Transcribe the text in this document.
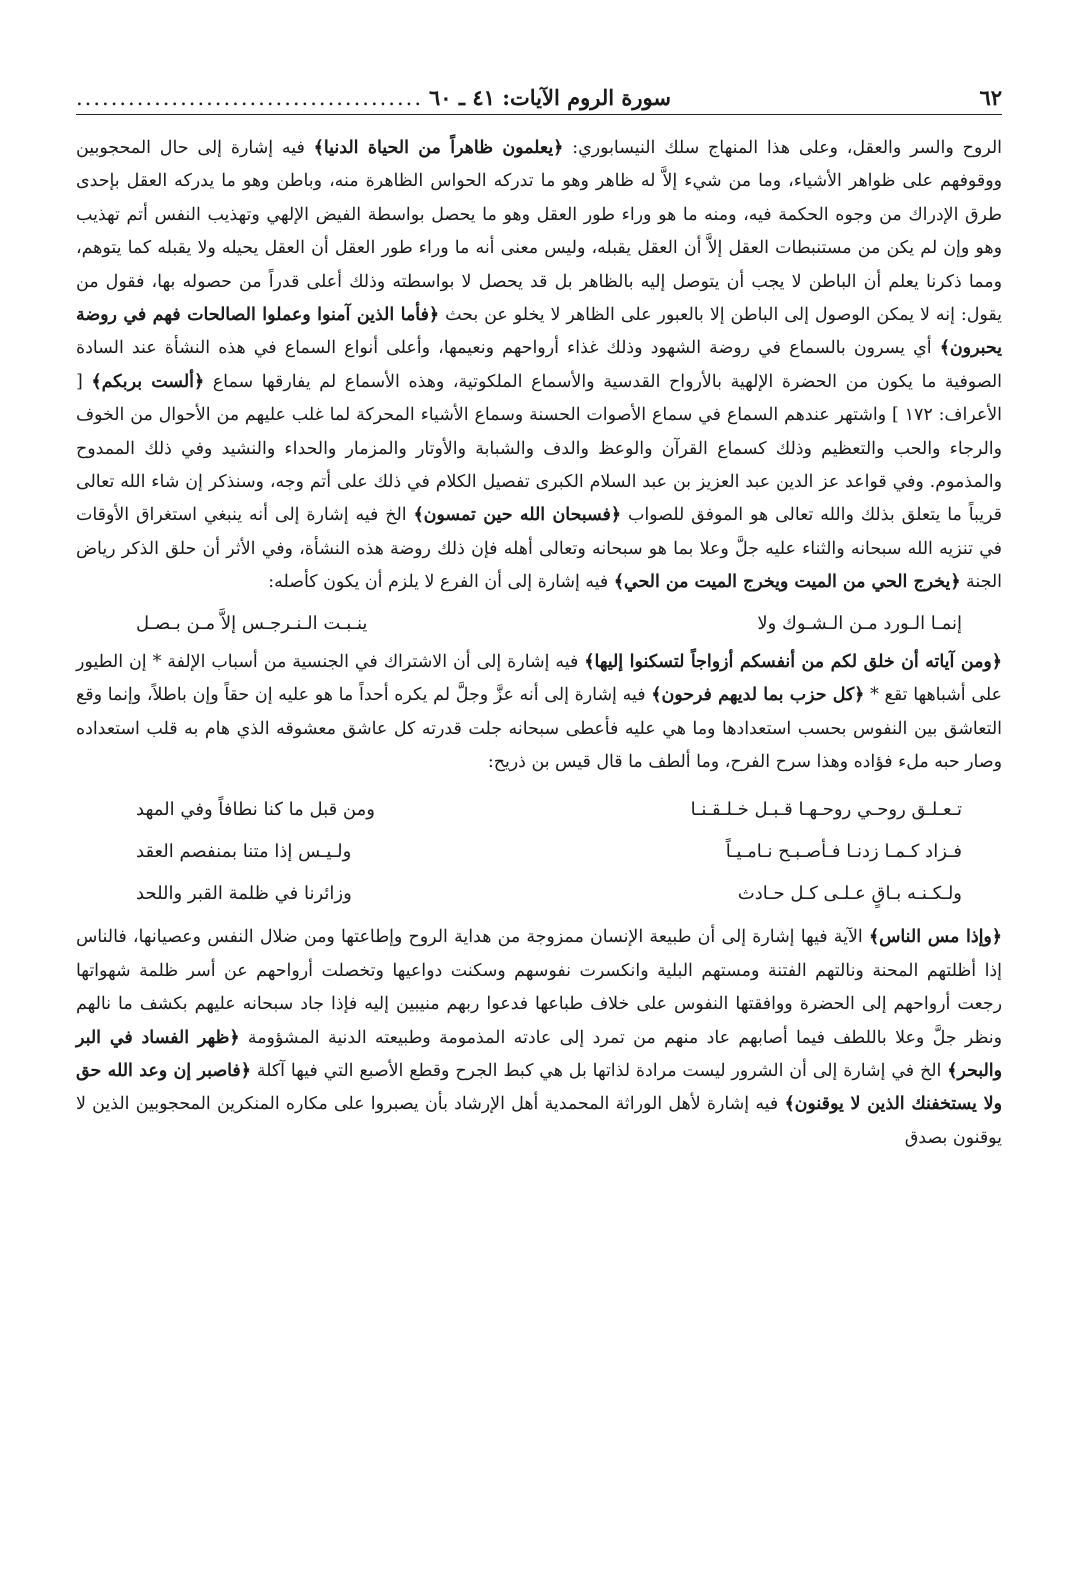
٦٢
سورة الروم الآيات: ٤١ ـ ٦٠
........................................

الروح والسر والعقل، وعلى هذا المنهاج سلك النيسابوري: ﴿يعلمون ظاهراً من الحياة الدنيا﴾ فيه إشارة إلى حال المحجوبين ووقوفهم على ظواهر الأشياء، وما من شيء إلاَّ له ظاهر وهو ما تدركه الحواس الظاهرة منه، وباطن وهو ما يدركه العقل بإحدى طرق الإدراك من وجوه الحكمة فيه، ومنه ما هو وراء طور العقل وهو ما يحصل بواسطة الفيض الإلهي وتهذيب النفس أتم تهذيب وهو وإن لم يكن من مستنبطات العقل إلاَّ أن العقل يقبله، وليس معنى أنه ما وراء طور العقل أن العقل يحيله ولا يقبله كما يتوهم، ومما ذكرنا يعلم أن الباطن لا يجب أن يتوصل إليه بالظاهر بل قد يحصل لا بواسطته وذلك أعلى قدراً من حصوله بها، فقول من يقول: إنه لا يمكن الوصول إلى الباطن إلا بالعبور على الظاهر لا يخلو عن بحث ﴿فأما الذين آمنوا وعملوا الصالحات فهم في روضة يحبرون﴾ أي يسرون بالسماع في روضة الشهود وذلك غذاء أرواحهم ونعيمها، وأعلى أنواع السماع في هذه النشأة عند السادة الصوفية ما يكون من الحضرة الإلهية بالأرواح القدسية والأسماع الملكوتية، وهذه الأسماع لم يفارقها سماع ﴿ألست بربكم﴾ [ الأعراف: ١٧٢ ] واشتهر عندهم السماع في سماع الأصوات الحسنة وسماع الأشياء المحركة لما غلب عليهم من الأحوال من الخوف والرجاء والحب والتعظيم وذلك كسماع القرآن والوعظ والدف والشبابة والأوتار والمزمار والحداء والنشيد وفي ذلك الممدوح والمذموم. وفي قواعد عز الدين عبد العزيز بن عبد السلام الكبرى تفصيل الكلام في ذلك على أتم وجه، وسنذكر إن شاء الله تعالى قريباً ما يتعلق بذلك والله تعالى هو الموفق للصواب ﴿فسبحان الله حين تمسون﴾ الخ فيه إشارة إلى أنه ينبغي استغراق الأوقات في تنزيه الله سبحانه والثناء عليه جلَّ وعلا بما هو سبحانه وتعالى أهله فإن ذلك روضة هذه النشأة، وفي الأثر أن حلق الذكر رياض الجنة ﴿يخرج الحي من الميت ويخرج الميت من الحي﴾ فيه إشارة إلى أن الفرع لا يلزم أن يكون كأصله:

إنمـا الـورد مـن الـشـوك ولا
ينـبـت الـنـرجـس إلاَّ مـن بـصـل

﴿ومن آياته أن خلق لكم من أنفسكم أزواجاً لتسكنوا إليها﴾ فيه إشارة إلى أن الاشتراك في الجنسية من أسباب الإلفة * إن الطيور على أشباهها تقع * ﴿كل حزب بما لديهم فرحون﴾ فيه إشارة إلى أنه عزَّ وجلَّ لم يكره أحداً ما هو عليه إن حقاً وإن باطلاً، وإنما وقع التعاشق بين النفوس بحسب استعدادها وما هي عليه فأعطى سبحانه جلت قدرته كل عاشق معشوقه الذي هام به قلب استعداده وصار حبه ملء فؤاده وهذا سرح الفرح، وما ألطف ما قال قيس بن ذريح:

تـعـلـق روحـي روحـهـا قـبـل خـلـقـنـا
ومن قبل ما كنا نطافاً وفي المهد
فـزاد كـمـا زدنـا فـأصـبـح نـامـيـاً
ولـيـس إذا متنا بمنفصم العقد
ولـكـنـه بـاقٍ عـلـى كـل حـادث
وزائرنا في ظلمة القبر واللحد

﴿وإذا مس الناس﴾ الآية فيها إشارة إلى أن طبيعة الإنسان ممزوجة من هداية الروح وإطاعتها ومن ضلال النفس وعصيانها، فالناس إذا أظلتهم المحنة ونالتهم الفتنة ومستهم البلية وانكسرت نفوسهم وسكنت دواعيها وتخصلت أرواحهم عن أسر ظلمة شهواتها رجعت أرواحهم إلى الحضرة ووافقتها النفوس على خلاف طباعها فدعوا ربهم منيبين إليه فإذا جاد سبحانه عليهم بكشف ما نالهم ونظر جلَّ وعلا باللطف فيما أصابهم عاد منهم من تمرد إلى عادته المذمومة وطبيعته الدنية المشؤومة ﴿ظهر الفساد في البر والبحر﴾ الخ في إشارة إلى أن الشرور ليست مرادة لذاتها بل هي كبط الجرح وقطع الأصبع التي فيها آكلة ﴿فاصبر إن وعد الله حق ولا يستخفنك الذين لا يوقنون﴾ فيه إشارة لأهل الوراثة المحمدية أهل الإرشاد بأن يصبروا على مكاره المنكرين المحجوبين الذين لا يوقنون بصدق
